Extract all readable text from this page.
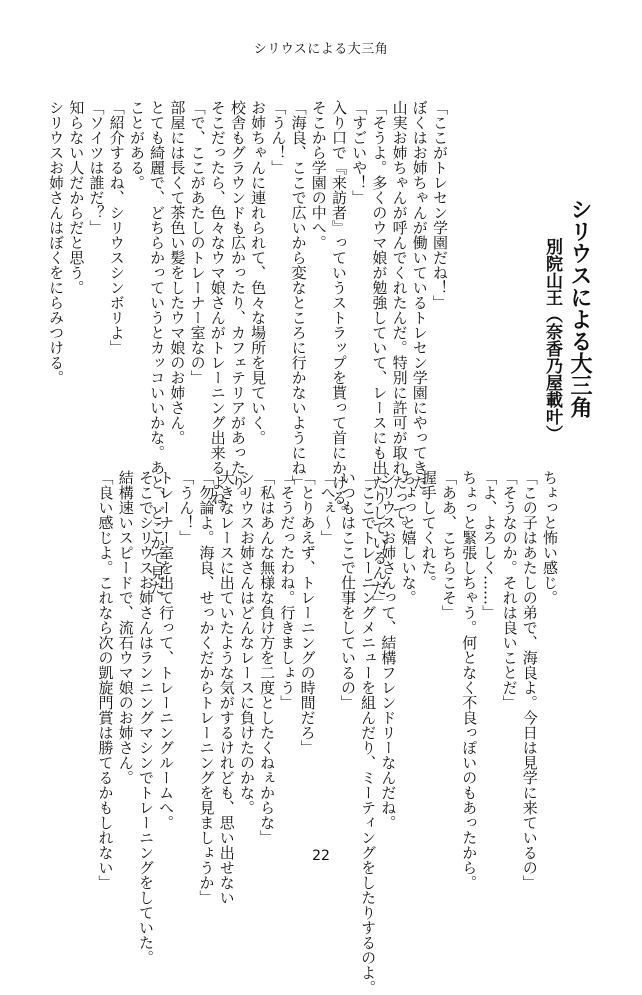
シリウスによる大三角
シリウスによる大三角
別院山王（奈香乃屋載叶）
「ここがトレセン学園だね！」
ぼくはお姉ちゃんが働いているトレセン学園にやってきた。
山実お姉ちゃんが呼んでくれたんだ。特別に許可が取れたって。
「そうよ。多くのウマ娘が勉強していて、レースにも出たりしているんだ」
「すごいや！」
入り口で『来訪者』っていうストラップを貰って首にかける。
そこから学園の中へ。
「海良、ここで広いから変なところに行かないようにね」
「うん！」
お姉ちゃんに連れられて、色々な場所を見ていく。
校舎もグラウンドも広かったり、カフェテリアがあったり。
そこだったら、色々なウマ娘さんがトレーニング出来るよね。
「で、ここがあたしのトレーナー室なの」
部屋には長くて茶色い髪をしたウマ娘のお姉さん。
とても綺麗で、どちらかっていうとカッコいいかな。あと、どこかで見た
ことがある。
「紹介するね、シリウスシンボリよ」
「ソイツは誰だ？」
知らない人だからだと思う。
シリウスお姉さんはぼくをにらみつける。
ちょっと怖い感じ。
「この子はあたしの弟で、海良よ。今日は見学に来ているの」
「そうなのか。それは良いことだ」
「よ、よろしく……」
ちょっと緊張しちゃう。何となく不良っぽいのもあったから。
「ああ、こちらこそ」
握手してくれた。
ちょっと嬉しいな。
シリウスお姉さんって、結構フレンドリーなんだね。
「ここでトレーニングメニューを組んだり、ミーティングをしたりするのよ。
いつもはここで仕事をしているの」
「へぇ～」
「とりあえず、トレーニングの時間だろ」
「そうだったわね。行きましょう」
「私はあんな無様な負け方を二度としたくねぇからな」
シリウスお姉さんはどんなレースに負けたのかな。
大きなレースに出ていたような気がするけれども、思い出せない
「勿論よ。海良、せっかくだからトレーニングを見ましょうか」
「うん！」
トレーナー室を出て行って、トレーニングルームへ。
そこでシリウスお姉さんはランニングマシンでトレーニングをしていた。
結構速いスピードで、流石ウマ娘のお姉さん。
「良い感じよ。これなら次の凱旋門賞は勝てるかもしれない」	22
